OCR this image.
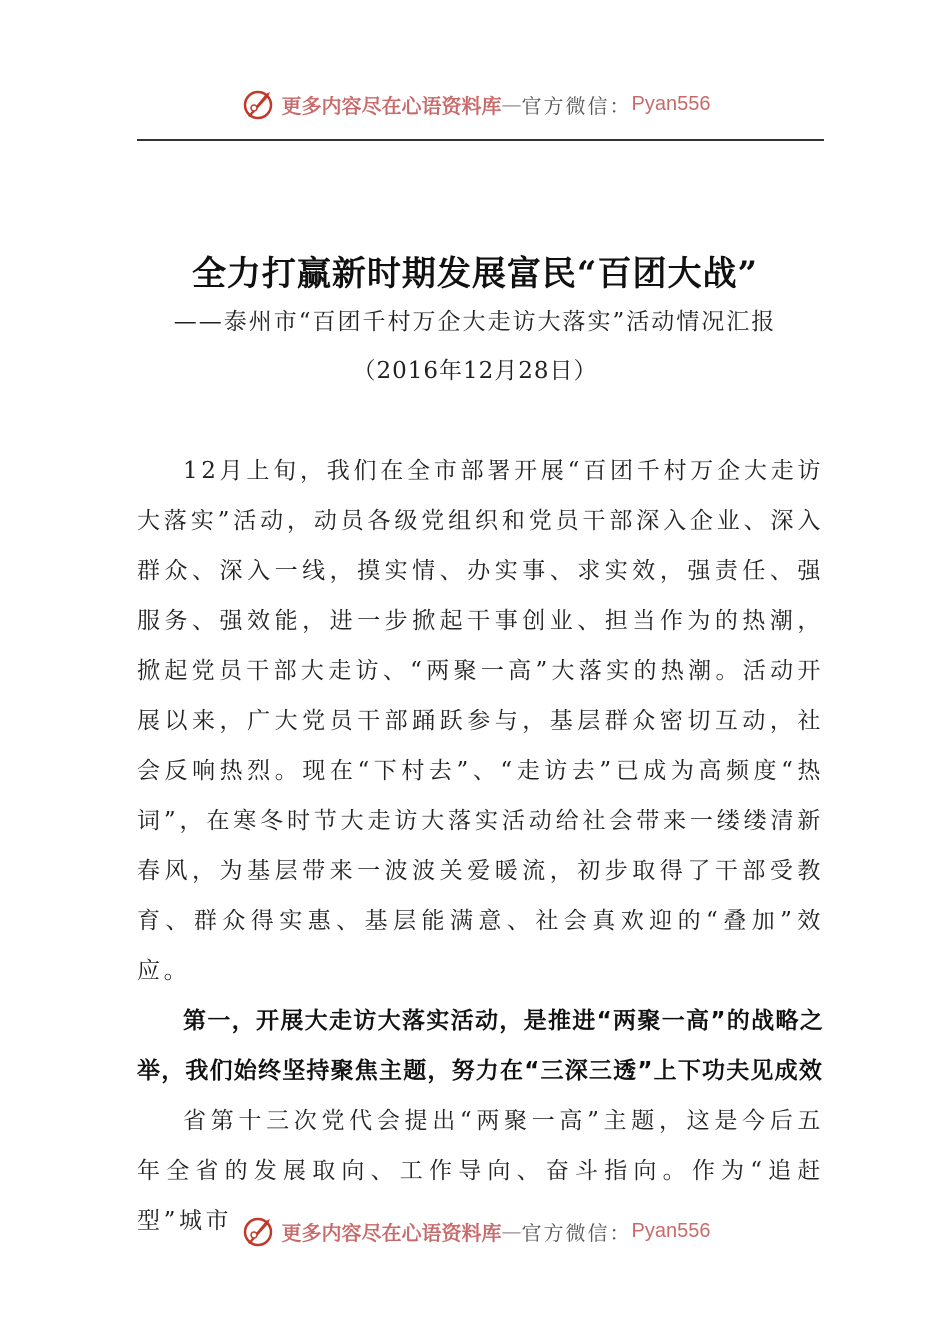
更多内容尽在心语资料库 — 官方微信： Pyan556
全力打赢新时期发展富民“百团大战”
——泰州市“百团千村万企大走访大落实”活动情况汇报
（2016年12月28日）

12月上旬，我们在全市部署开展“百团千村万企大走访大落实”活动，动员各级党组织和党员干部深入企业、深入群众、深入一线，摸实情、办实事、求实效，强责任、强服务、强效能，进一步掀起干事创业、担当作为的热潮，掀起党员干部大走访、“两聚一高”大落实的热潮。活动开展以来，广大党员干部踊跃参与，基层群众密切互动，社会反响热烈。现在“下村去”、“走访去”已成为高频度“热词”，在寒冬时节大走访大落实活动给社会带来一缕缕清新春风，为基层带来一波波关爱暖流，初步取得了干部受教育、群众得实惠、基层能满意、社会真欢迎的“叠加”效应。

第一，开展大走访大落实活动，是推进“两聚一高”的战略之举，我们始终坚持聚焦主题，努力在“三深三透”上下功夫见成效

省第十三次党代会提出“两聚一高”主题，这是今后五年全省的发展取向、工作导向、奋斗指向。作为“追赶型”城市	更多内容尽在心语资料库 — 官方微信： Pyan556
